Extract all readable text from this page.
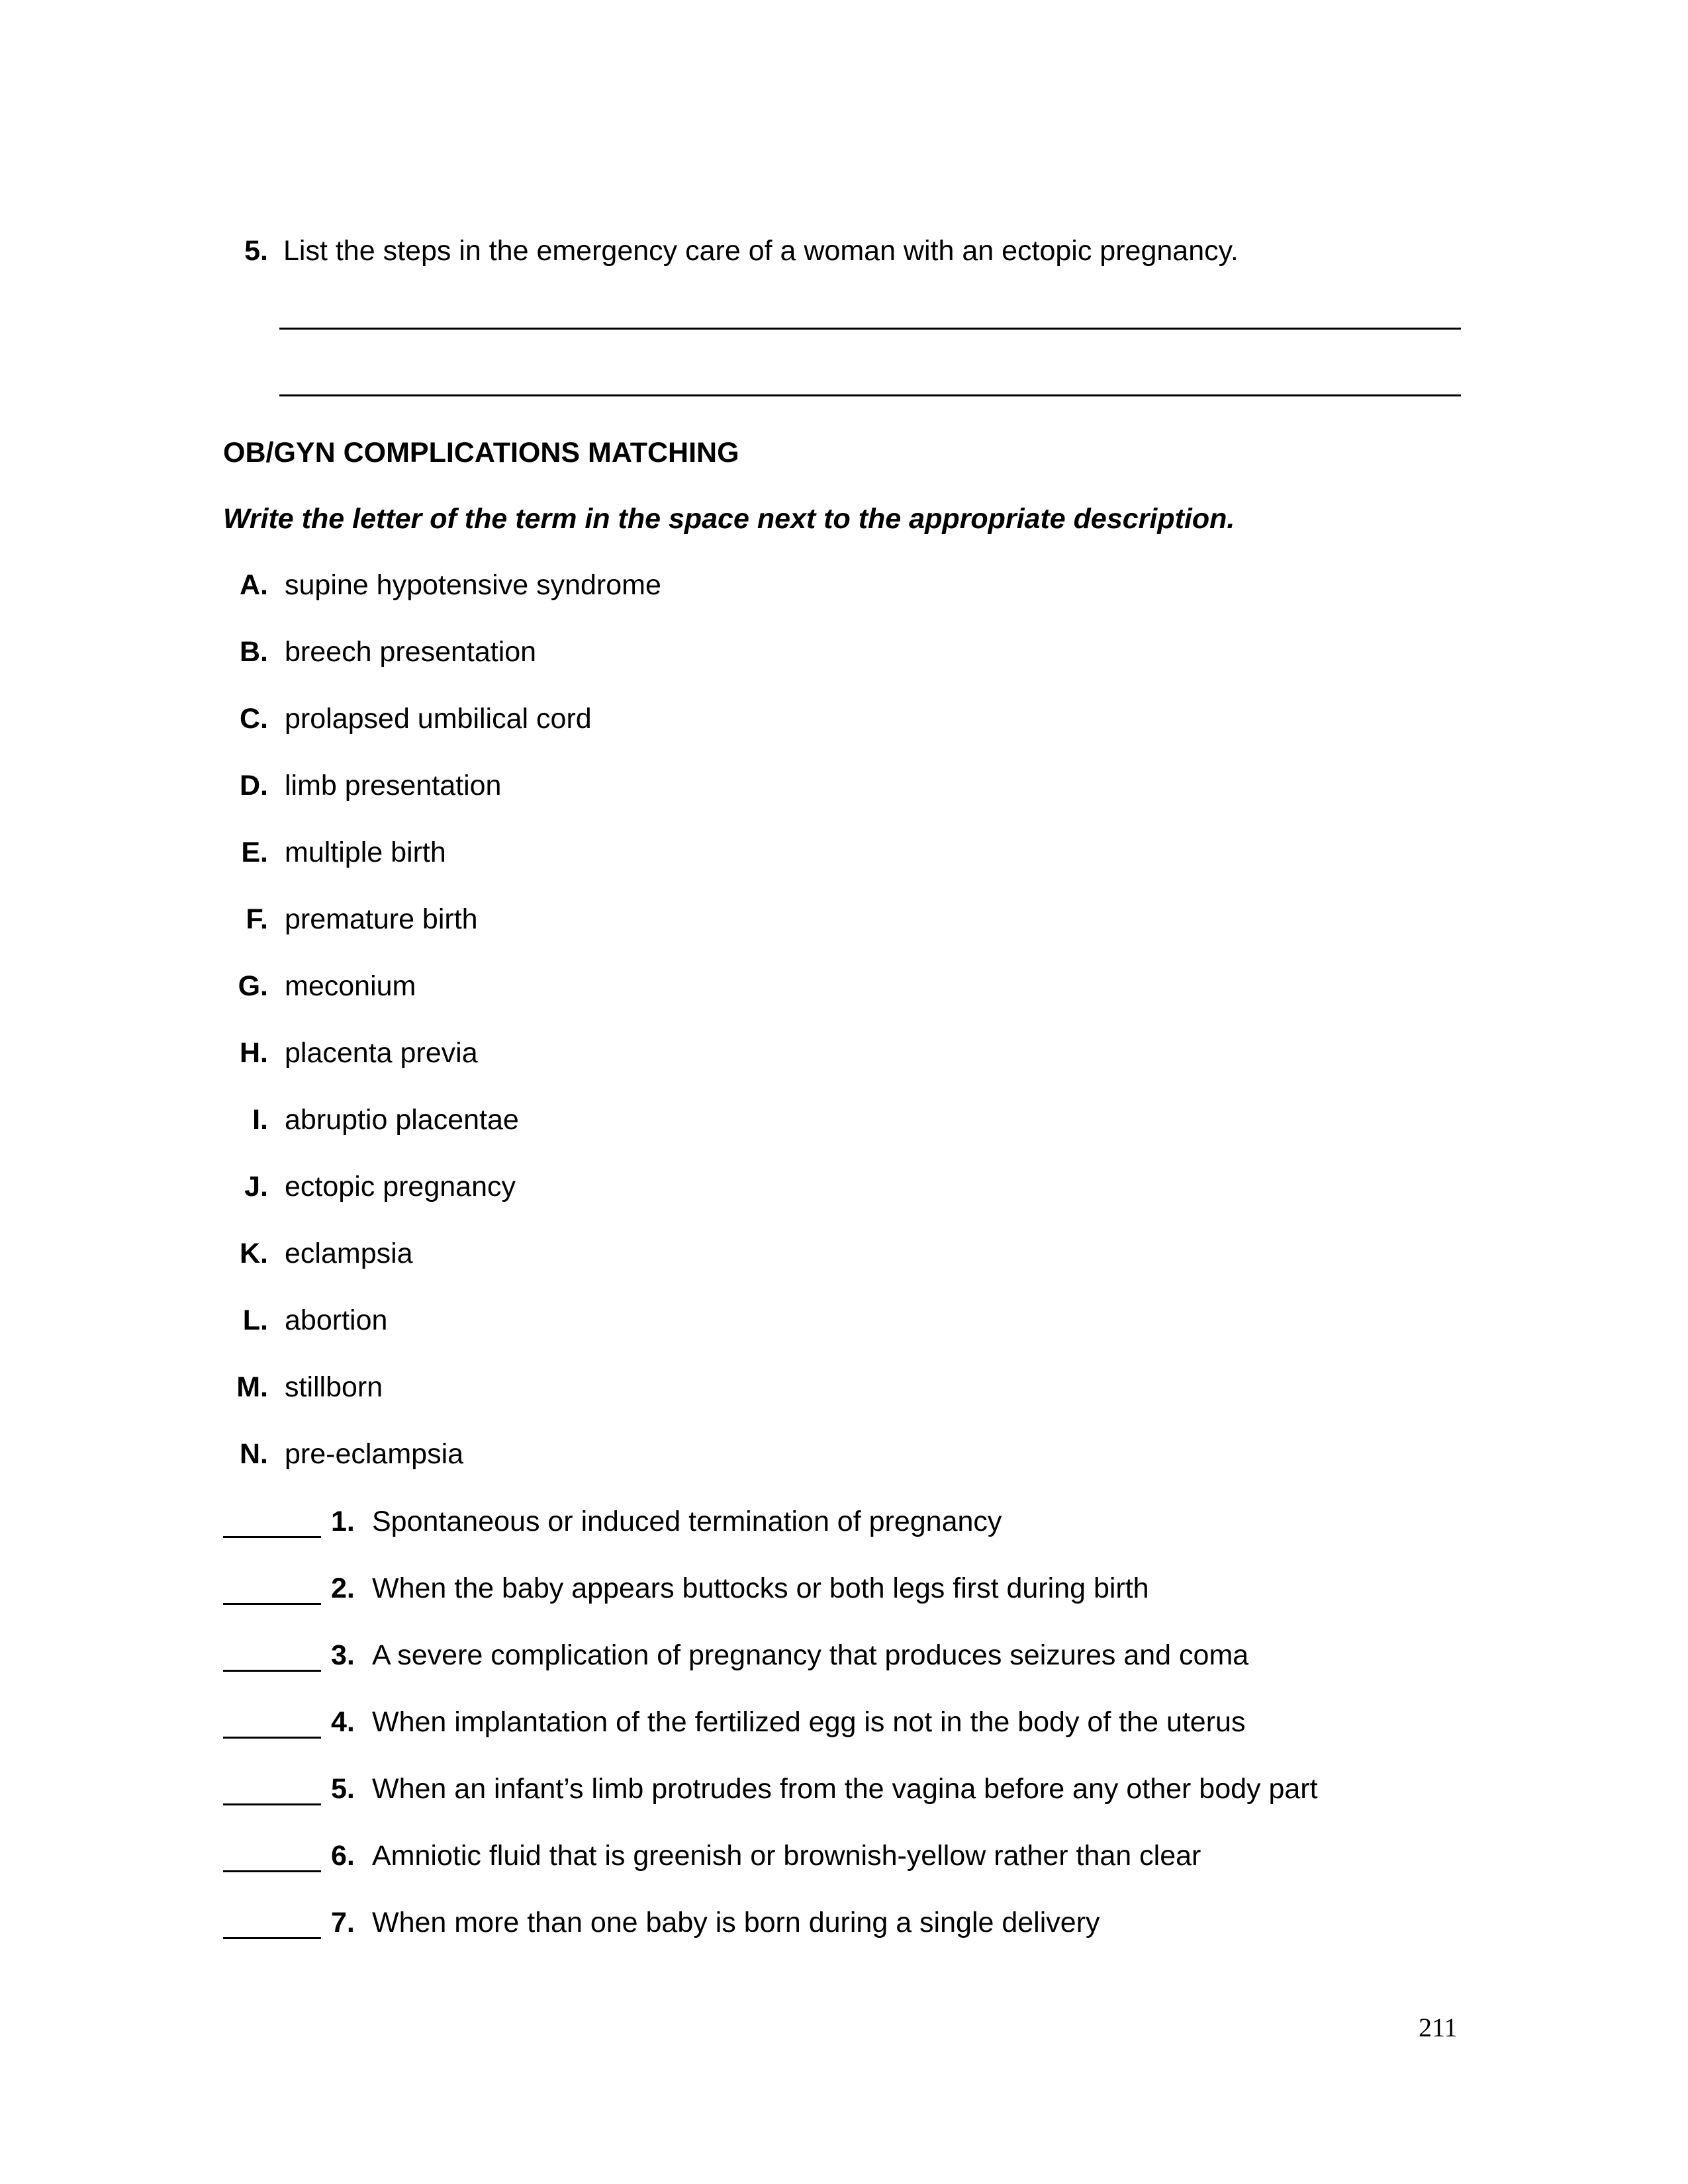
5. List the steps in the emergency care of a woman with an ectopic pregnancy.
OB/GYN COMPLICATIONS MATCHING
Write the letter of the term in the space next to the appropriate description.
A. supine hypotensive syndrome
B. breech presentation
C. prolapsed umbilical cord
D. limb presentation
E. multiple birth
F. premature birth
G. meconium
H. placenta previa
I. abruptio placentae
J. ectopic pregnancy
K. eclampsia
L. abortion
M. stillborn
N. pre-eclampsia
1. Spontaneous or induced termination of pregnancy
2. When the baby appears buttocks or both legs first during birth
3. A severe complication of pregnancy that produces seizures and coma
4. When implantation of the fertilized egg is not in the body of the uterus
5. When an infant’s limb protrudes from the vagina before any other body part
6. Amniotic fluid that is greenish or brownish-yellow rather than clear
7. When more than one baby is born during a single delivery
211
